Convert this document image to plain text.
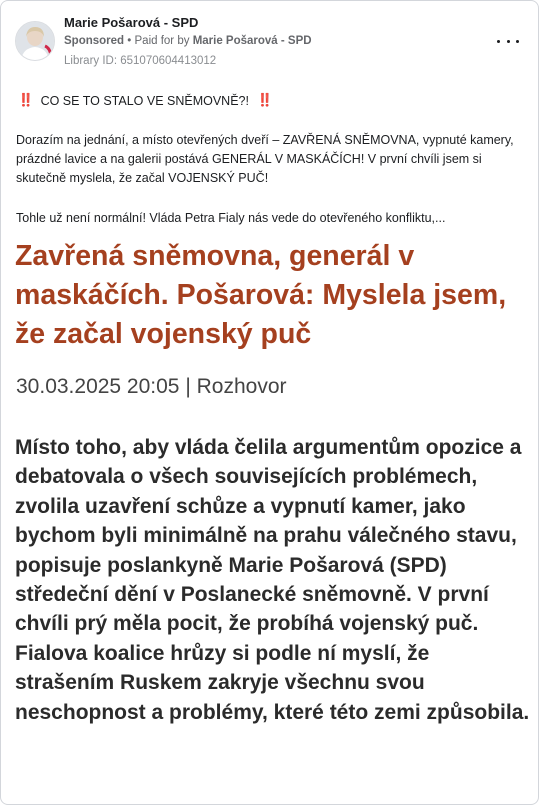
Marie Pošarová - SPD
Sponsored • Paid for by Marie Pošarová - SPD
Library ID: 651070604413012
‼️ CO SE TO STALO VE SNĚMOVNĚ?! ‼️
Dorazím na jednání, a místo otevřených dveří – ZAVŘENÁ SNĚMOVNA, vypnuté kamery, prázdné lavice a na galerii postává GENERÁL V MASKÁČÍCH! V první chvíli jsem si skutečně myslela, že začal VOJENSKÝ PUČ!
Tohle už není normální! Vláda Petra Fialy nás vede do otevřeného konfliktu,...
Zavřená sněmovna, generál v maskáčích. Pošarová: Myslela jsem, že začal vojenský puč
30.03.2025 20:05 | Rozhovor
Místo toho, aby vláda čelila argumentům opozice a debatovala o všech souvisejících problémech, zvolila uzavření schůze a vypnutí kamer, jako bychom byli minimálně na prahu válečného stavu, popisuje poslankyně Marie Pošarová (SPD) středeční dění v Poslanecké sněmovně. V první chvíli prý měla pocit, že probíhá vojenský puč. Fialova koalice hrůzy si podle ní myslí, že strašením Ruskem zakryje všechnu svou neschopnost a problémy, které této zemi způsobila.
